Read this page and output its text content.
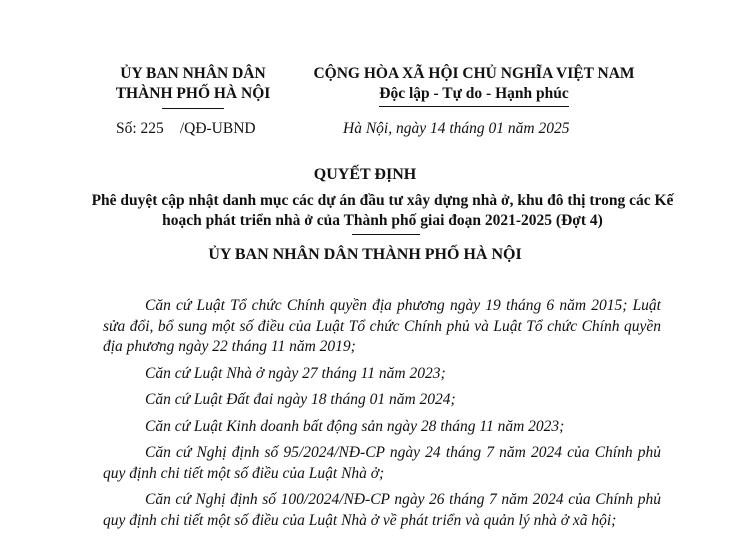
ỦY BAN NHÂN DÂN
THÀNH PHỐ HÀ NỘI
CỘNG HÒA XÃ HỘI CHỦ NGHĨA VIỆT NAM
Độc lập - Tự do - Hạnh phúc
Số: 225 /QĐ-UBND	Hà Nội, ngày 14 tháng 01 năm 2025
QUYẾT ĐỊNH
Phê duyệt cập nhật danh mục các dự án đầu tư xây dựng nhà ở, khu đô thị trong các Kế hoạch phát triển nhà ở của Thành phố giai đoạn 2021-2025 (Đợt 4)
ỦY BAN NHÂN DÂN THÀNH PHỐ HÀ NỘI

Căn cứ Luật Tổ chức Chính quyền địa phương ngày 19 tháng 6 năm 2015; Luật sửa đổi, bổ sung một số điều của Luật Tổ chức Chính phủ và Luật Tổ chức Chính quyền địa phương ngày 22 tháng 11 năm 2019;

Căn cứ Luật Nhà ở ngày 27 tháng 11 năm 2023;

Căn cứ Luật Đất đai ngày 18 tháng 01 năm 2024;

Căn cứ Luật Kinh doanh bất động sản ngày 28 tháng 11 năm 2023;

Căn cứ Nghị định số 95/2024/NĐ-CP ngày 24 tháng 7 năm 2024 của Chính phủ quy định chi tiết một số điều của Luật Nhà ở;

Căn cứ Nghị định số 100/2024/NĐ-CP ngày 26 tháng 7 năm 2024 của Chính phủ quy định chi tiết một số điều của Luật Nhà ở về phát triển và quản lý nhà ở xã hội;
